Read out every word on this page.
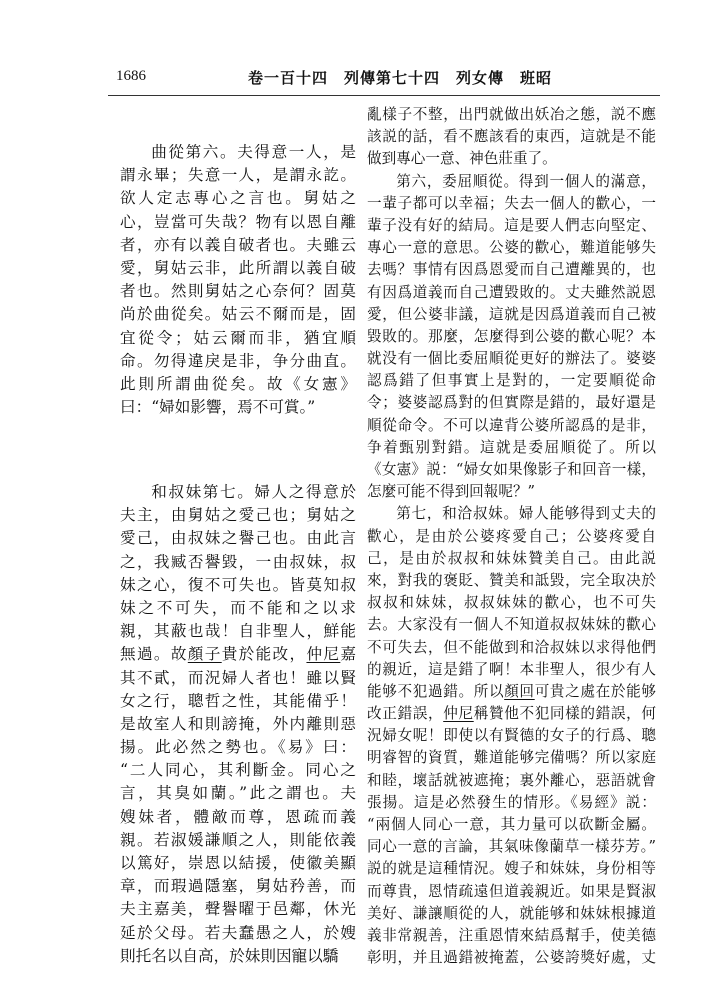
1686	卷一百十四　列傳第七十四　列女傳　班昭
曲從第六。夫得意一人，是
謂永畢；失意一人，是謂永訖。
欲人定志專心之言也。舅姑之
心，豈當可失哉？物有以恩自離
者，亦有以義自破者也。夫雖云
愛，舅姑云非，此所謂以義自破
者也。然則舅姑之心奈何？固莫
尚於曲從矣。姑云不爾而是，固
宜從令；姑云爾而非，猶宜順
命。勿得違戾是非，争分曲直。
此則所謂曲從矣。故《女憲》
曰：“婦如影響，焉不可賞。”
和叔妹第七。婦人之得意於
夫主，由舅姑之愛己也；舅姑之
愛己，由叔妹之譽己也。由此言
之，我臧否譽毀，一由叔妹，叔
妹之心，復不可失也。皆莫知叔
妹之不可失，而不能和之以求
親，其蔽也哉！自非聖人，鮮能
無過。故顏子貴於能改，仲尼嘉
其不貳，而況婦人者也！雖以賢
女之行，聰哲之性，其能備乎！
是故室人和則謗掩，外内離則惡
揚。此必然之勢也。《易》曰：
“二人同心，其利斷金。同心之
言，其臭如蘭。”此之謂也。夫
嫂妹者，體敵而尊，恩疏而義
親。若淑媛謙順之人，則能依義
以篤好，崇恩以結援，使徽美顯
章，而瑕過隱塞，舅姑矜善，而
夫主嘉美，聲譽曜于邑鄰，休光
延於父母。若夫蠢愚之人，於嫂
則托名以自高，於妹則因寵以驕
亂樣子不整，出門就做出妖冶之態，説不應
該説的話，看不應該看的東西，這就是不能
做到專心一意、神色莊重了。
第六，委屈順從。得到一個人的滿意，
一輩子都可以幸福；失去一個人的歡心，一
輩子没有好的結局。這是要人們志向堅定、
專心一意的意思。公婆的歡心，難道能够失
去嗎？事情有因爲恩愛而自己遭離異的，也
有因爲道義而自己遭毀敗的。丈夫雖然説恩
愛，但公婆非議，這就是因爲道義而自己被
毀敗的。那麼，怎麼得到公婆的歡心呢？本
就没有一個比委屈順從更好的辦法了。婆婆
認爲錯了但事實上是對的，一定要順從命
令；婆婆認爲對的但實際是錯的，最好還是
順從命令。不可以違背公婆所認爲的是非，
争着甄别對錯。這就是委屈順從了。所以
《女憲》説：“婦女如果像影子和回音一樣，
怎麼可能不得到回報呢？”
第七，和洽叔妹。婦人能够得到丈夫的
歡心，是由於公婆疼愛自己；公婆疼愛自
己，是由於叔叔和妹妹贊美自己。由此説
來，對我的褒貶、贊美和詆毀，完全取决於
叔叔和妹妹，叔叔妹妹的歡心，也不可失
去。大家没有一個人不知道叔叔妹妹的歡心
不可失去，但不能做到和洽叔妹以求得他們
的親近，這是錯了啊！本非聖人，很少有人
能够不犯過錯。所以顏回可貴之處在於能够
改正錯誤，仲尼稱贊他不犯同樣的錯誤，何
況婦女呢！即使以有賢德的女子的行爲、聰
明睿智的資質，難道能够完備嗎？所以家庭
和睦，壞話就被遮掩；裏外離心，惡語就會
張揚。這是必然發生的情形。《易經》説：
“兩個人同心一意，其力量可以砍斷金屬。
同心一意的言論，其氣味像蘭草一樣芬芳。”
説的就是這種情況。嫂子和妹妹，身份相等
而尊貴，恩情疏遠但道義親近。如果是賢淑
美好、謙讓順從的人，就能够和妹妹根據道
義非常親善，注重恩情來結爲幫手，使美德
彰明，并且過錯被掩蓋，公婆誇獎好處，丈
